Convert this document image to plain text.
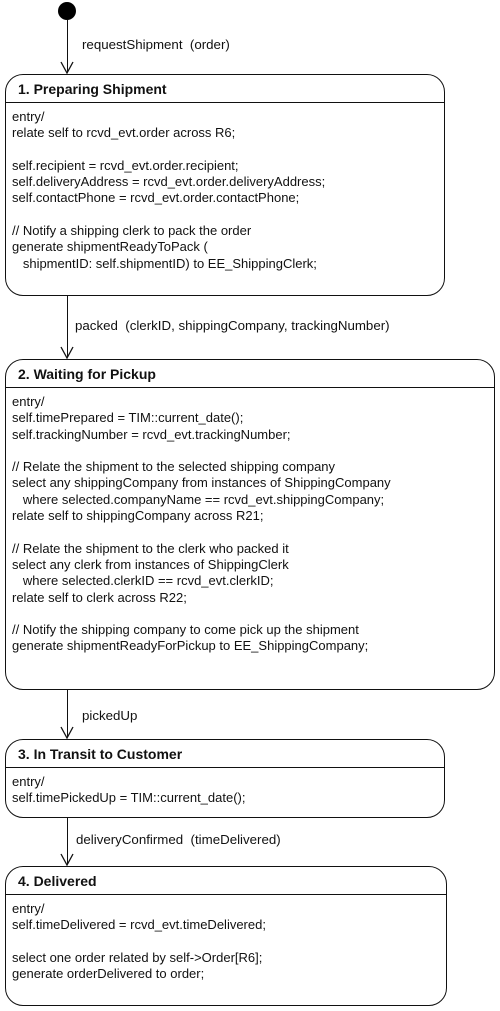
requestShipment  (order)
1. Preparing Shipment
entry/
relate self to rcvd_evt.order across R6;
self.recipient = rcvd_evt.order.recipient;
self.deliveryAddress = rcvd_evt.order.deliveryAddress;
self.contactPhone = rcvd_evt.order.contactPhone;
// Notify a shipping clerk to pack the order
generate shipmentReadyToPack (
shipmentID: self.shipmentID) to EE_ShippingClerk;
packed  (clerkID, shippingCompany, trackingNumber)
2. Waiting for Pickup
entry/
self.timePrepared = TIM::current_date();
self.trackingNumber = rcvd_evt.trackingNumber;
// Relate the shipment to the selected shipping company
select any shippingCompany from instances of ShippingCompany
where selected.companyName == rcvd_evt.shippingCompany;
relate self to shippingCompany across R21;
// Relate the shipment to the clerk who packed it
select any clerk from instances of ShippingClerk
where selected.clerkID == rcvd_evt.clerkID;
relate self to clerk across R22;
// Notify the shipping company to come pick up the shipment
generate shipmentReadyForPickup to EE_ShippingCompany;
pickedUp
3. In Transit to Customer
entry/
self.timePickedUp = TIM::current_date();
deliveryConfirmed  (timeDelivered)
4. Delivered
entry/
self.timeDelivered = rcvd_evt.timeDelivered;
select one order related by self->Order[R6];
generate orderDelivered to order;
